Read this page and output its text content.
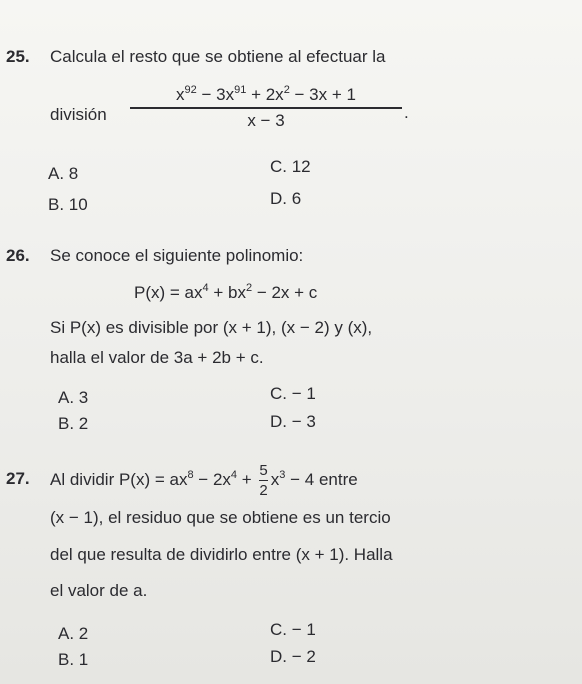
25. Calcula el resto que se obtiene al efectuar la
división
$x^{92} - 3x^{91} + 2x^2 - 3x + 1$
x − 3	.
A. 8	C. 12
B. 10	D. 6
26. Se conoce el siguiente polinomio:
$P(x) = ax^4 + bx^2 - 2x + c$
Si P(x) es divisible por (x + 1), (x − 2) y (x),
halla el valor de 3a + 2b + c.
A. 3	C. − 1
B. 2	D. − 3
27. Al dividir $P(x) = ax^8 - 2x^4 + \frac{5}{2} x^3 - 4$ entre
(x − 1), el residuo que se obtiene es un tercio
del que resulta de dividirlo entre (x + 1). Halla
el valor de a.
A. 2	C. − 1
B. 1	D. − 2
